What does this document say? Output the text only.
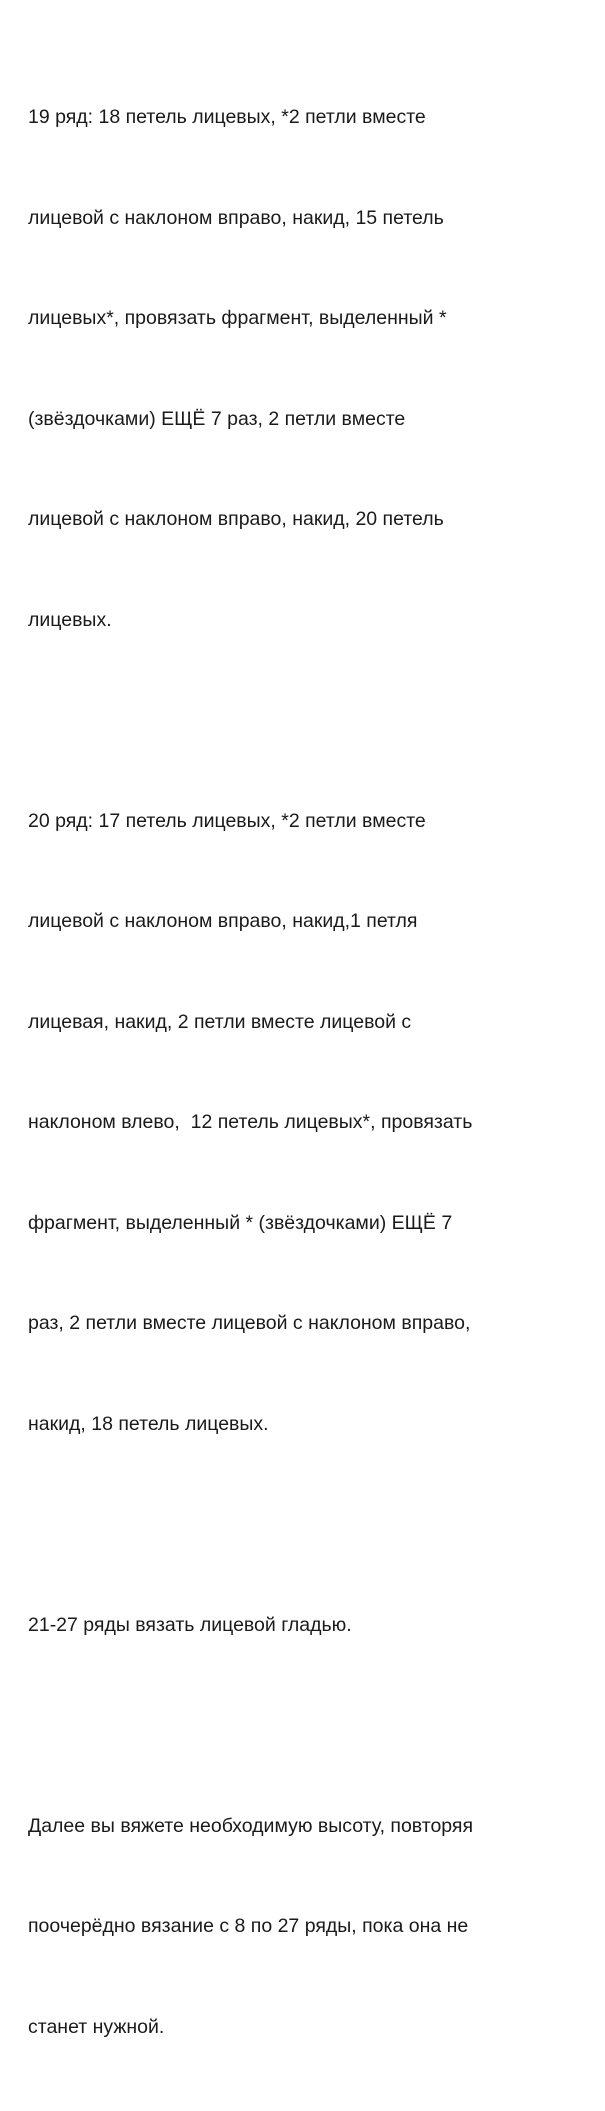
19 ряд: 18 петель лицевых, *2 петли вместе

лицевой с наклоном вправо, накид, 15 петель

лицевых*, провязать фрагмент, выделенный *

(звёздочками) ЕЩЁ 7 раз, 2 петли вместе

лицевой с наклоном вправо, накид, 20 петель

лицевых.

20 ряд: 17 петель лицевых, *2 петли вместе

лицевой с наклоном вправо, накид,1 петля

лицевая, накид, 2 петли вместе лицевой с

наклоном влево,  12 петель лицевых*, провязать

фрагмент, выделенный * (звёздочками) ЕЩЁ 7

раз, 2 петли вместе лицевой с наклоном вправо,

накид, 18 петель лицевых.

21-27 ряды вязать лицевой гладью.

Далее вы вяжете необходимую высоту, повторяя

поочерёдно вязание с 8 по 27 ряды, пока она не

станет нужной.
